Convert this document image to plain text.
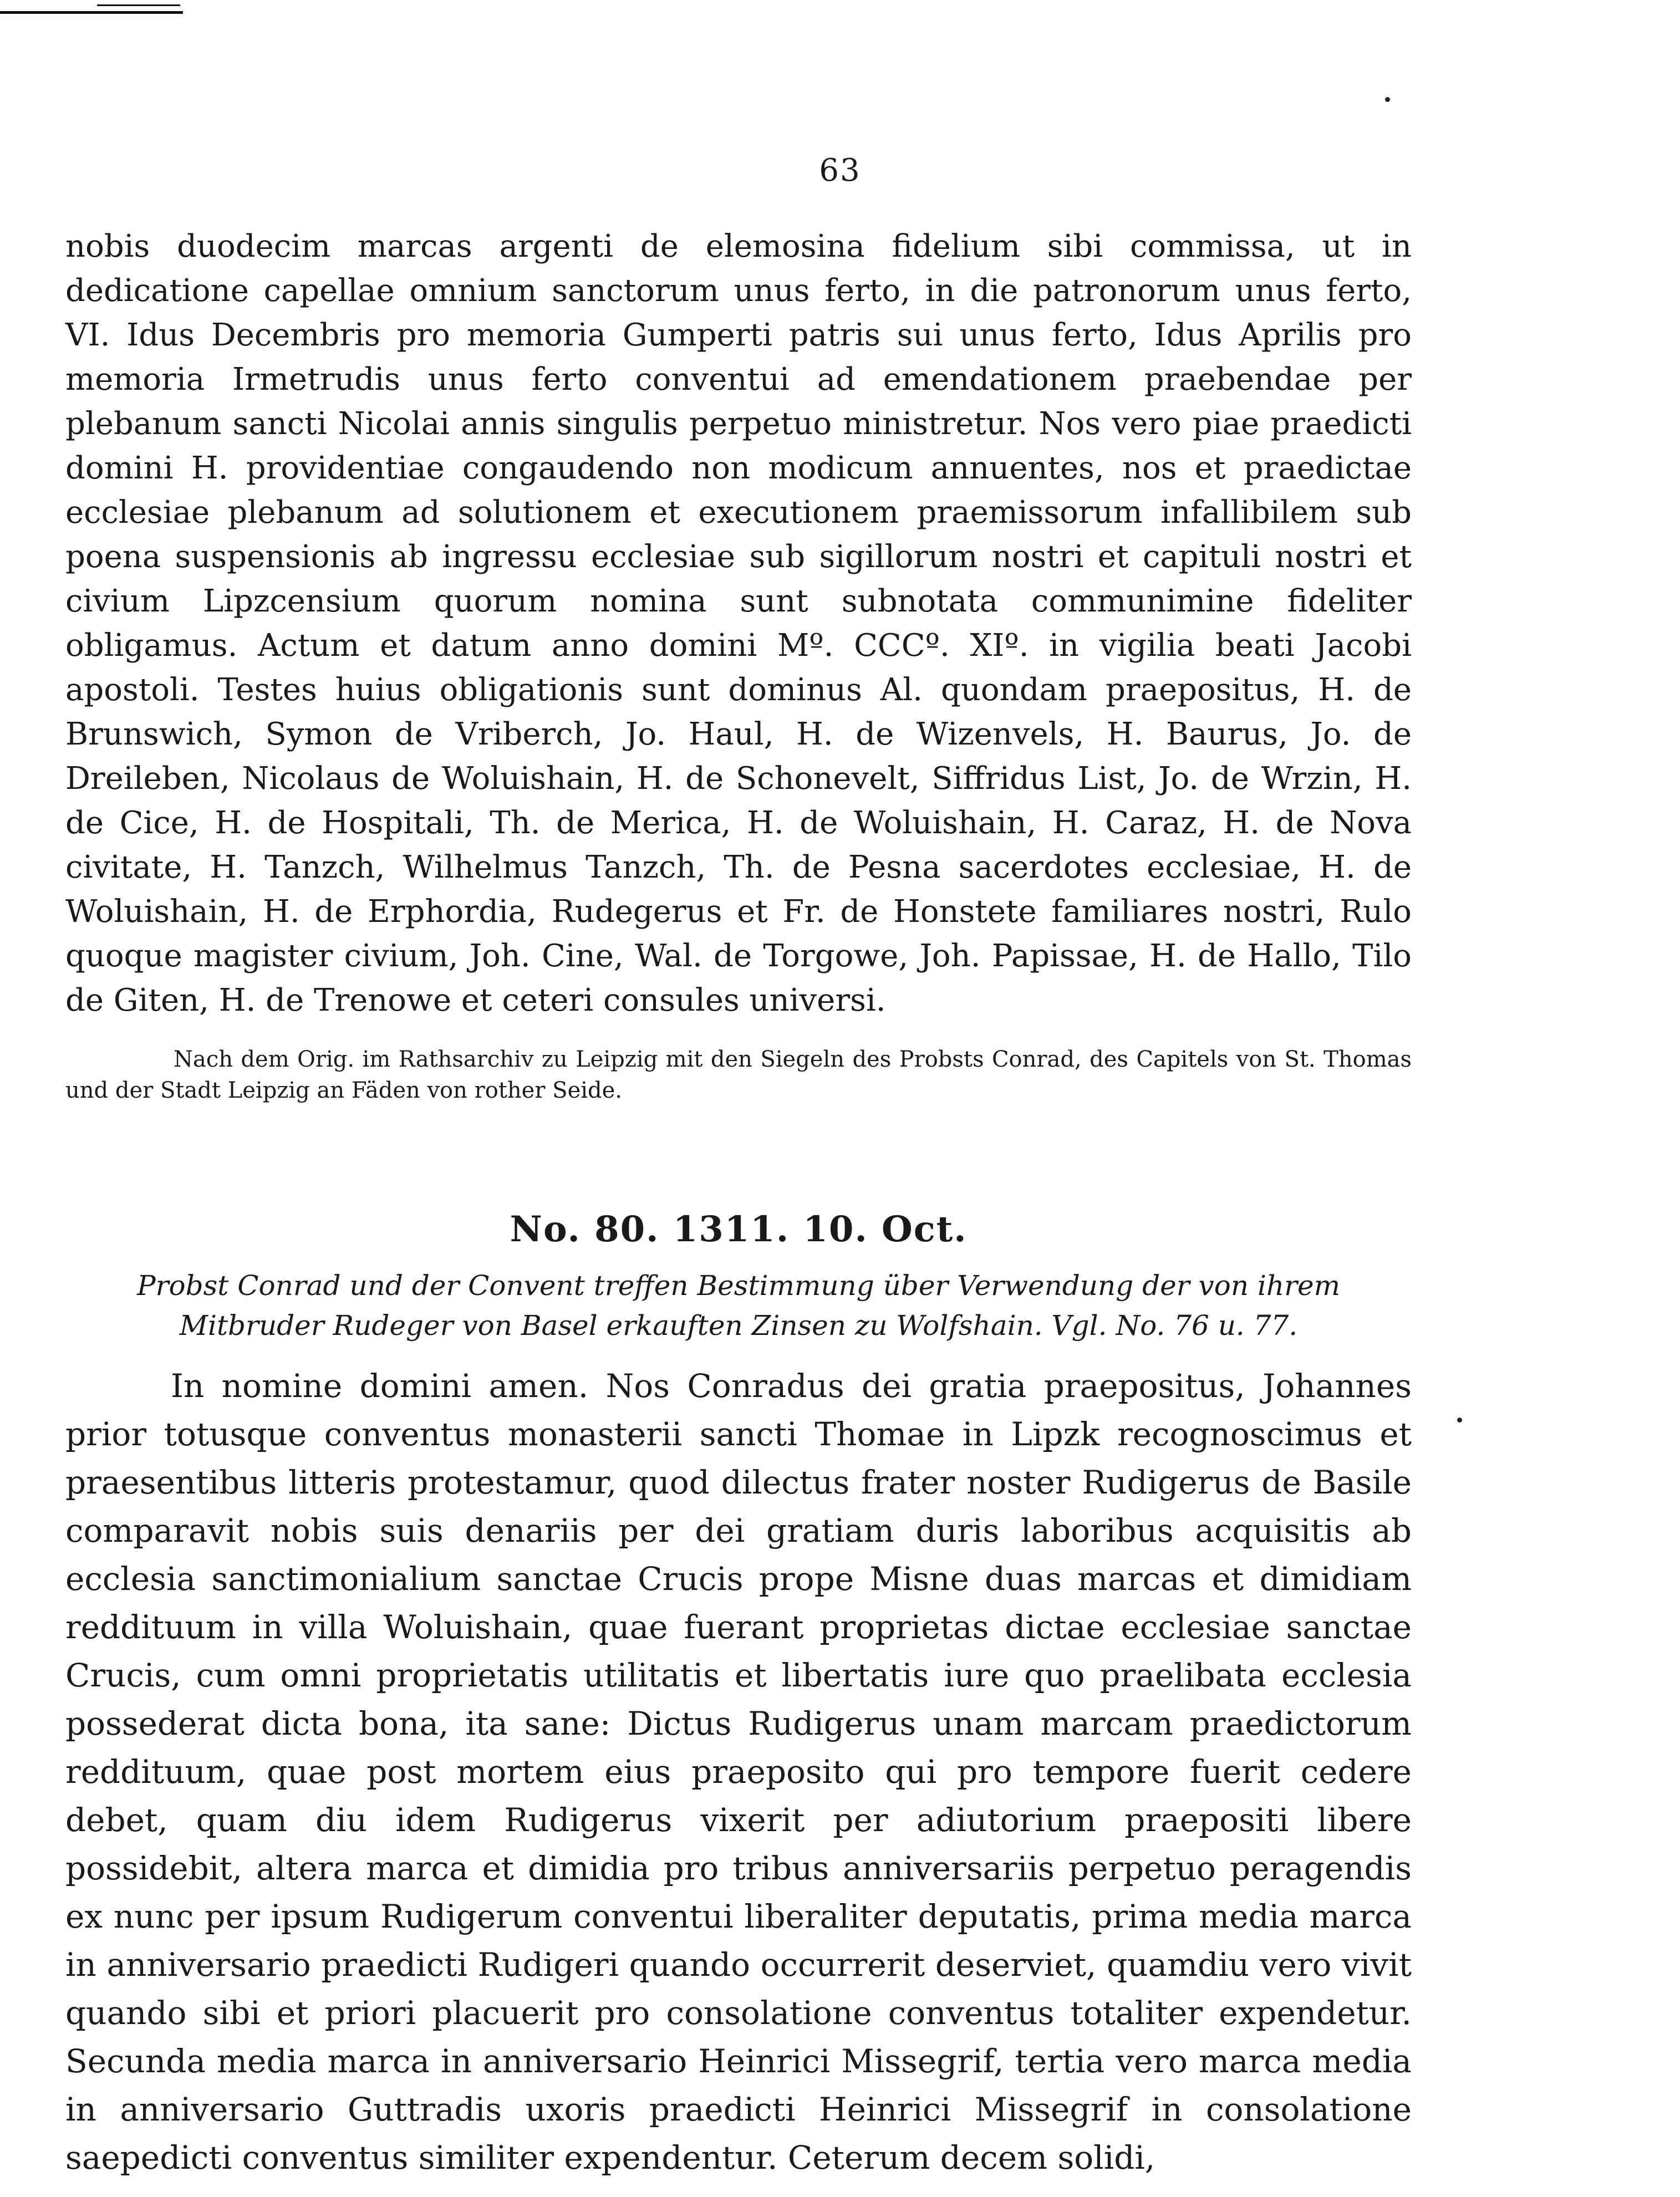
63

nobis duodecim marcas argenti de elemosina fidelium sibi commissa, ut in dedicatione capellae omnium sanctorum unus ferto, in die patronorum unus ferto, VI. Idus Decembris pro memoria Gumperti patris sui unus ferto, Idus Aprilis pro memoria Irmetrudis unus ferto conventui ad emendationem praebendae per plebanum sancti Nicolai annis singulis perpetuo ministretur. Nos vero piae praedicti domini H. providentiae congaudendo non modicum annuentes, nos et praedictae ecclesiae plebanum ad solutionem et executionem praemissorum infallibilem sub poena suspensionis ab ingressu ecclesiae sub sigillorum nostri et capituli nostri et civium Lipzcensium quorum nomina sunt subnotata communimine fideliter obligamus. Actum et datum anno domini Mº. CCCº. XIº. in vigilia beati Jacobi apostoli. Testes huius obligationis sunt dominus Al. quondam praepositus, H. de Brunswich, Symon de Vriberch, Jo. Haul, H. de Wizenvels, H. Baurus, Jo. de Dreileben, Nicolaus de Woluishain, H. de Schonevelt, Siffridus List, Jo. de Wrzin, H. de Cice, H. de Hospitali, Th. de Merica, H. de Woluishain, H. Caraz, H. de Nova civitate, H. Tanzch, Wilhelmus Tanzch, Th. de Pesna sacerdotes ecclesiae, H. de Woluishain, H. de Erphordia, Rudegerus et Fr. de Honstete familiares nostri, Rulo quoque magister civium, Joh. Cine, Wal. de Torgowe, Joh. Papissae, H. de Hallo, Tilo de Giten, H. de Trenowe et ceteri consules universi.

Nach dem Orig. im Rathsarchiv zu Leipzig mit den Siegeln des Probsts Conrad, des Capitels von St. Thomas und der Stadt Leipzig an Fäden von rother Seide.

No. 80. 1311. 10. Oct.

Probst Conrad und der Convent treffen Bestimmung über Verwendung der von ihrem Mitbruder Rudeger von Basel erkauften Zinsen zu Wolfshain. Vgl. No. 76 u. 77.

In nomine domini amen. Nos Conradus dei gratia praepositus, Johannes prior totusque conventus monasterii sancti Thomae in Lipzk recognoscimus et praesentibus litteris protestamur, quod dilectus frater noster Rudigerus de Basile comparavit nobis suis denariis per dei gratiam duris laboribus acquisitis ab ecclesia sanctimonialium sanctae Crucis prope Misne duas marcas et dimidiam reddituum in villa Woluishain, quae fuerant proprietas dictae ecclesiae sanctae Crucis, cum omni proprietatis utilitatis et libertatis iure quo praelibata ecclesia possederat dicta bona, ita sane: Dictus Rudigerus unam marcam praedictorum reddituum, quae post mortem eius praeposito qui pro tempore fuerit cedere debet, quam diu idem Rudigerus vixerit per adiutorium praepositi libere possidebit, altera marca et dimidia pro tribus anniversariis perpetuo peragendis ex nunc per ipsum Rudigerum conventui liberaliter deputatis, prima media marca in anniversario praedicti Rudigeri quando occurrerit deserviet, quamdiu vero vivit quando sibi et priori placuerit pro consolatione conventus totaliter expendetur. Secunda media marca in anniversario Heinrici Missegrif, tertia vero marca media in anniversario Guttradis uxoris praedicti Heinrici Missegrif in consolatione saepedicti conventus similiter expendentur. Ceterum decem solidi,
